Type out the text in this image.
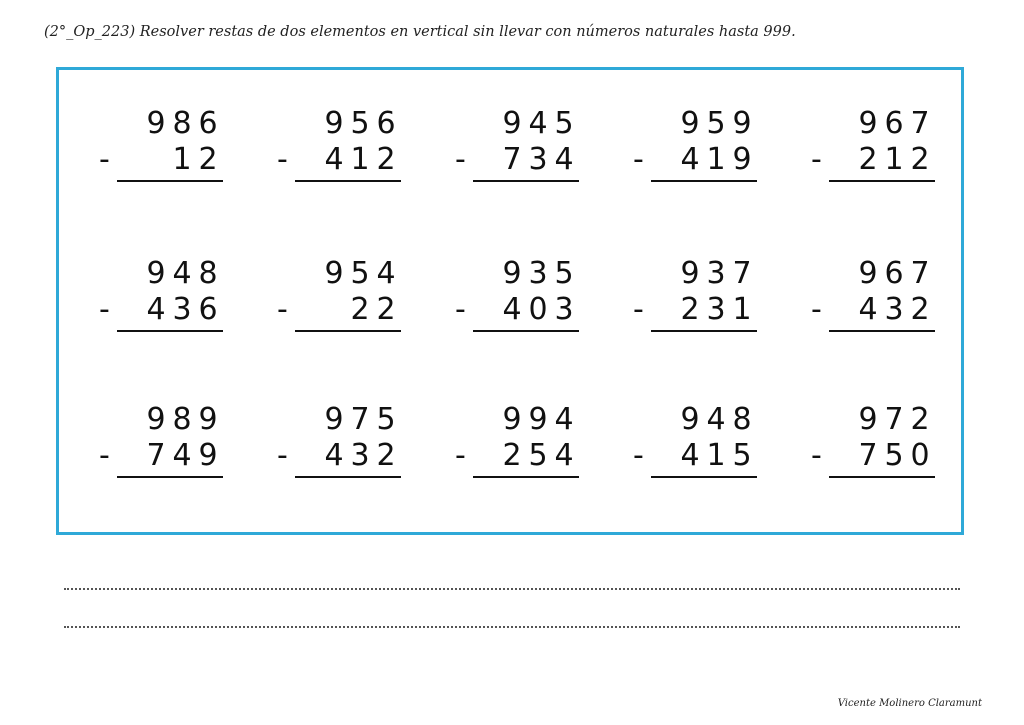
(2°_Op_223) Resolver restas de dos elementos en vertical sin llevar con números naturales hasta 999.
9 8 6
-	1 2
9 5 6
-	4 1 2
9 4 5
-	7 3 4
9 5 9
-	4 1 9
9 6 7
-	2 1 2
9 4 8
-	4 3 6
9 5 4
-	2 2
9 3 5
-	4 0 3
9 3 7
-	2 3 1
9 6 7
-	4 3 2
9 8 9
-	7 4 9
9 7 5
-	4 3 2
9 9 4
-	2 5 4
9 4 8
-	4 1 5
9 7 2
-	7 5 0
Vicente Molinero Claramunt
